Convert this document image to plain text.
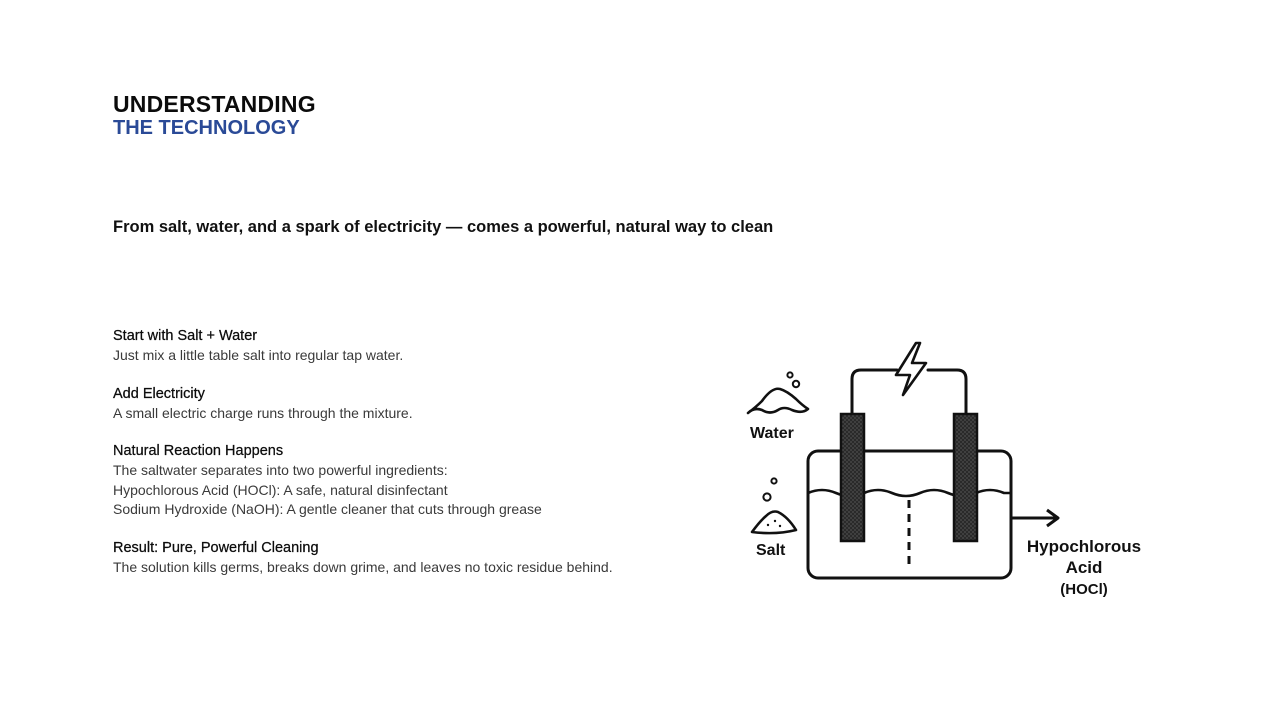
UNDERSTANDING
THE TECHNOLOGY
From salt, water, and a spark of electricity — comes a powerful, natural way to clean
Start with Salt + Water
Just mix a little table salt into regular tap water.
Add Electricity
A small electric charge runs through the mixture.
Natural Reaction Happens
The saltwater separates into two powerful ingredients:
Hypochlorous Acid (HOCl): A safe, natural disinfectant
Sodium Hydroxide (NaOH): A gentle cleaner that cuts through grease
Result: Pure, Powerful Cleaning
The solution kills germs, breaks down grime, and leaves no toxic residue behind.
Water
Salt	Hypochlorous
Acid
(HOCl)
